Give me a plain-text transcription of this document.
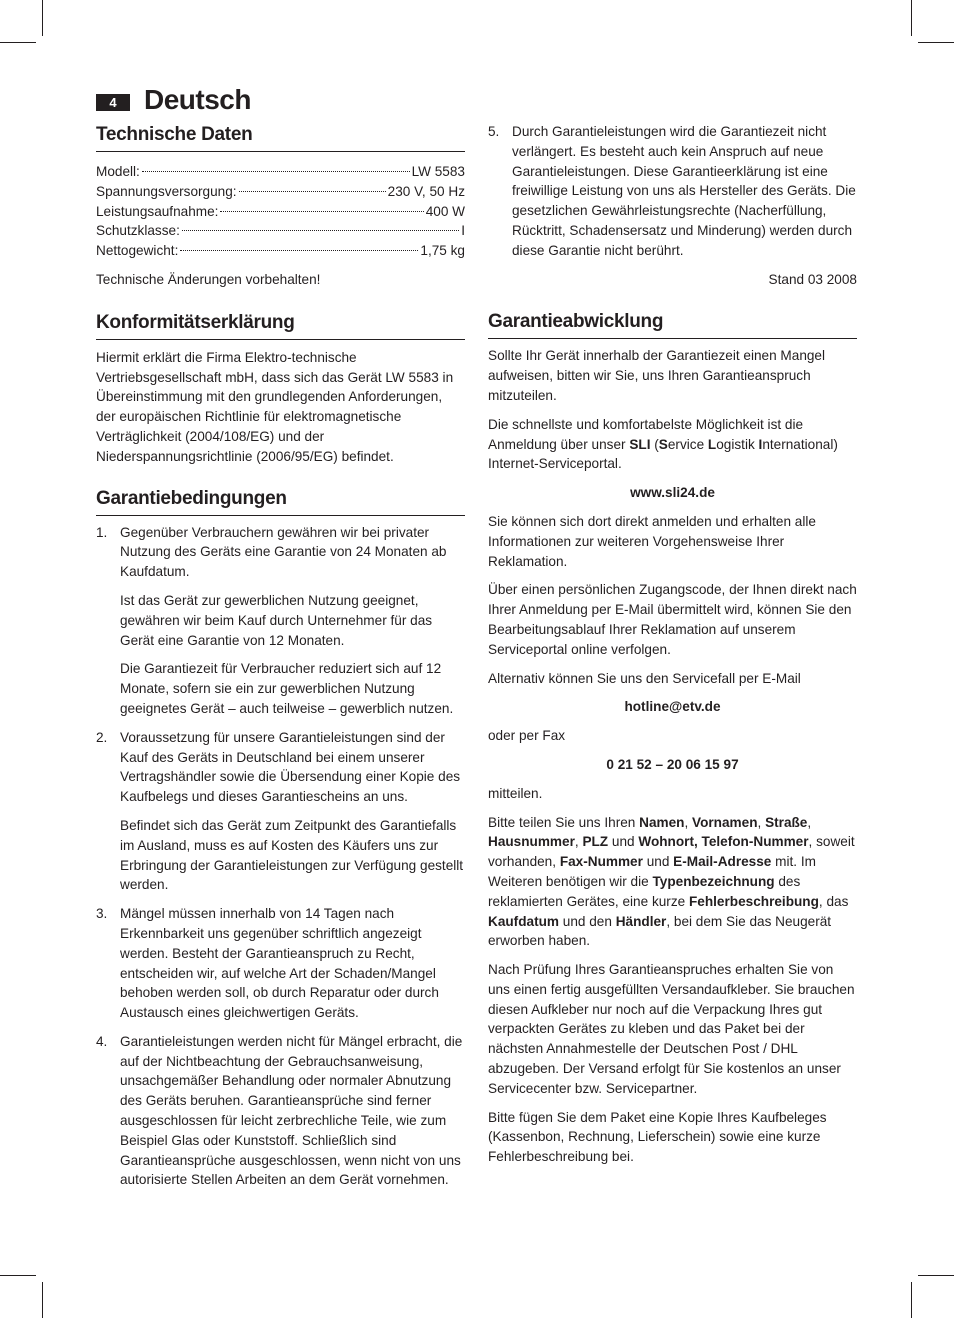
4 Deutsch
Technische Daten
Modell:	LW 5583
Spannungsversorgung:	230 V, 50 Hz
Leistungsaufnahme:	400 W
Schutzklasse:	I
Nettogewicht:	1,75 kg

Technische Änderungen vorbehalten!

Konformitätserklärung

Hiermit erklärt die Firma Elektro-technische Vertriebsgesellschaft mbH, dass sich das Gerät LW 5583 in Übereinstimmung mit den grundlegenden Anforderungen, der europäischen Richtlinie für elektromagnetische Verträglichkeit (2004/108/EG) und der Niederspannungsrichtlinie (2006/95/EG) befindet.

Garantiebedingungen
1. Gegenüber Verbrauchern gewähren wir bei privater Nutzung des Geräts eine Garantie von 24 Monaten ab Kaufdatum.

Ist das Gerät zur gewerblichen Nutzung geeignet, gewähren wir beim Kauf durch Unternehmer für das Gerät eine Garantie von 12 Monaten.

Die Garantiezeit für Verbraucher reduziert sich auf 12 Monate, sofern sie ein zur gewerblichen Nutzung geeignetes Gerät – auch teilweise – gewerblich nutzen.

2. Voraussetzung für unsere Garantieleistungen sind der Kauf des Geräts in Deutschland bei einem unserer Vertragshändler sowie die Übersendung einer Kopie des Kaufbelegs und dieses Garantiescheins an uns.

Befindet sich das Gerät zum Zeitpunkt des Garantiefalls im Ausland, muss es auf Kosten des Käufers uns zur Erbringung der Garantieleistungen zur Verfügung gestellt werden.

3. Mängel müssen innerhalb von 14 Tagen nach Erkennbarkeit uns gegenüber schriftlich angezeigt werden. Besteht der Garantieanspruch zu Recht, entscheiden wir, auf welche Art der Schaden/Mangel behoben werden soll, ob durch Reparatur oder durch Austausch eines gleichwertigen Geräts.

4. Garantieleistungen werden nicht für Mängel erbracht, die auf der Nichtbeachtung der Gebrauchsanweisung, unsachgemäßer Behandlung oder normaler Abnutzung des Geräts beruhen. Garantieansprüche sind ferner ausgeschlossen für leicht zerbrechliche Teile, wie zum Beispiel Glas oder Kunststoff. Schließlich sind Garantieansprüche ausgeschlossen, wenn nicht von uns autorisierte Stellen Arbeiten an dem Gerät vornehmen.

5. Durch Garantieleistungen wird die Garantiezeit nicht verlängert. Es besteht auch kein Anspruch auf neue Garantieleistungen. Diese Garantieerklärung ist eine freiwillige Leistung von uns als Hersteller des Geräts. Die gesetzlichen Gewährleistungsrechte (Nacherfüllung, Rücktritt, Schadensersatz und Minderung) werden durch diese Garantie nicht berührt.

Stand 03 2008

Garantieabwicklung

Sollte Ihr Gerät innerhalb der Garantiezeit einen Mangel aufweisen, bitten wir Sie, uns Ihren Garantieanspruch mitzuteilen.

Die schnellste und komfortabelste Möglichkeit ist die Anmeldung über unser SLI (Service Logistik International) Internet-Serviceportal.

www.sli24.de

Sie können sich dort direkt anmelden und erhalten alle Informationen zur weiteren Vorgehensweise Ihrer Reklamation.

Über einen persönlichen Zugangscode, der Ihnen direkt nach Ihrer Anmeldung per E-Mail übermittelt wird, können Sie den Bearbeitungsablauf Ihrer Reklamation auf unserem Serviceportal online verfolgen.

Alternativ können Sie uns den Servicefall per E-Mail

hotline@etv.de

oder per Fax

0 21 52 – 20 06 15 97

mitteilen.

Bitte teilen Sie uns Ihren Namen, Vornamen, Straße, Hausnummer, PLZ und Wohnort, Telefon-Nummer, soweit vorhanden, Fax-Nummer und E-Mail-Adresse mit. Im Weiteren benötigen wir die Typenbezeichnung des reklamierten Gerätes, eine kurze Fehlerbeschreibung, das Kaufdatum und den Händler, bei dem Sie das Neugerät erworben haben.

Nach Prüfung Ihres Garantieanspruches erhalten Sie von uns einen fertig ausgefüllten Versandaufkleber. Sie brauchen diesen Aufkleber nur noch auf die Verpackung Ihres gut verpackten Gerätes zu kleben und das Paket bei der nächsten Annahmestelle der Deutschen Post / DHL abzugeben. Der Versand erfolgt für Sie kostenlos an unser Servicecenter bzw. Servicepartner.

Bitte fügen Sie dem Paket eine Kopie Ihres Kaufbeleges (Kassenbon, Rechnung, Lieferschein) sowie eine kurze Fehlerbeschreibung bei.
